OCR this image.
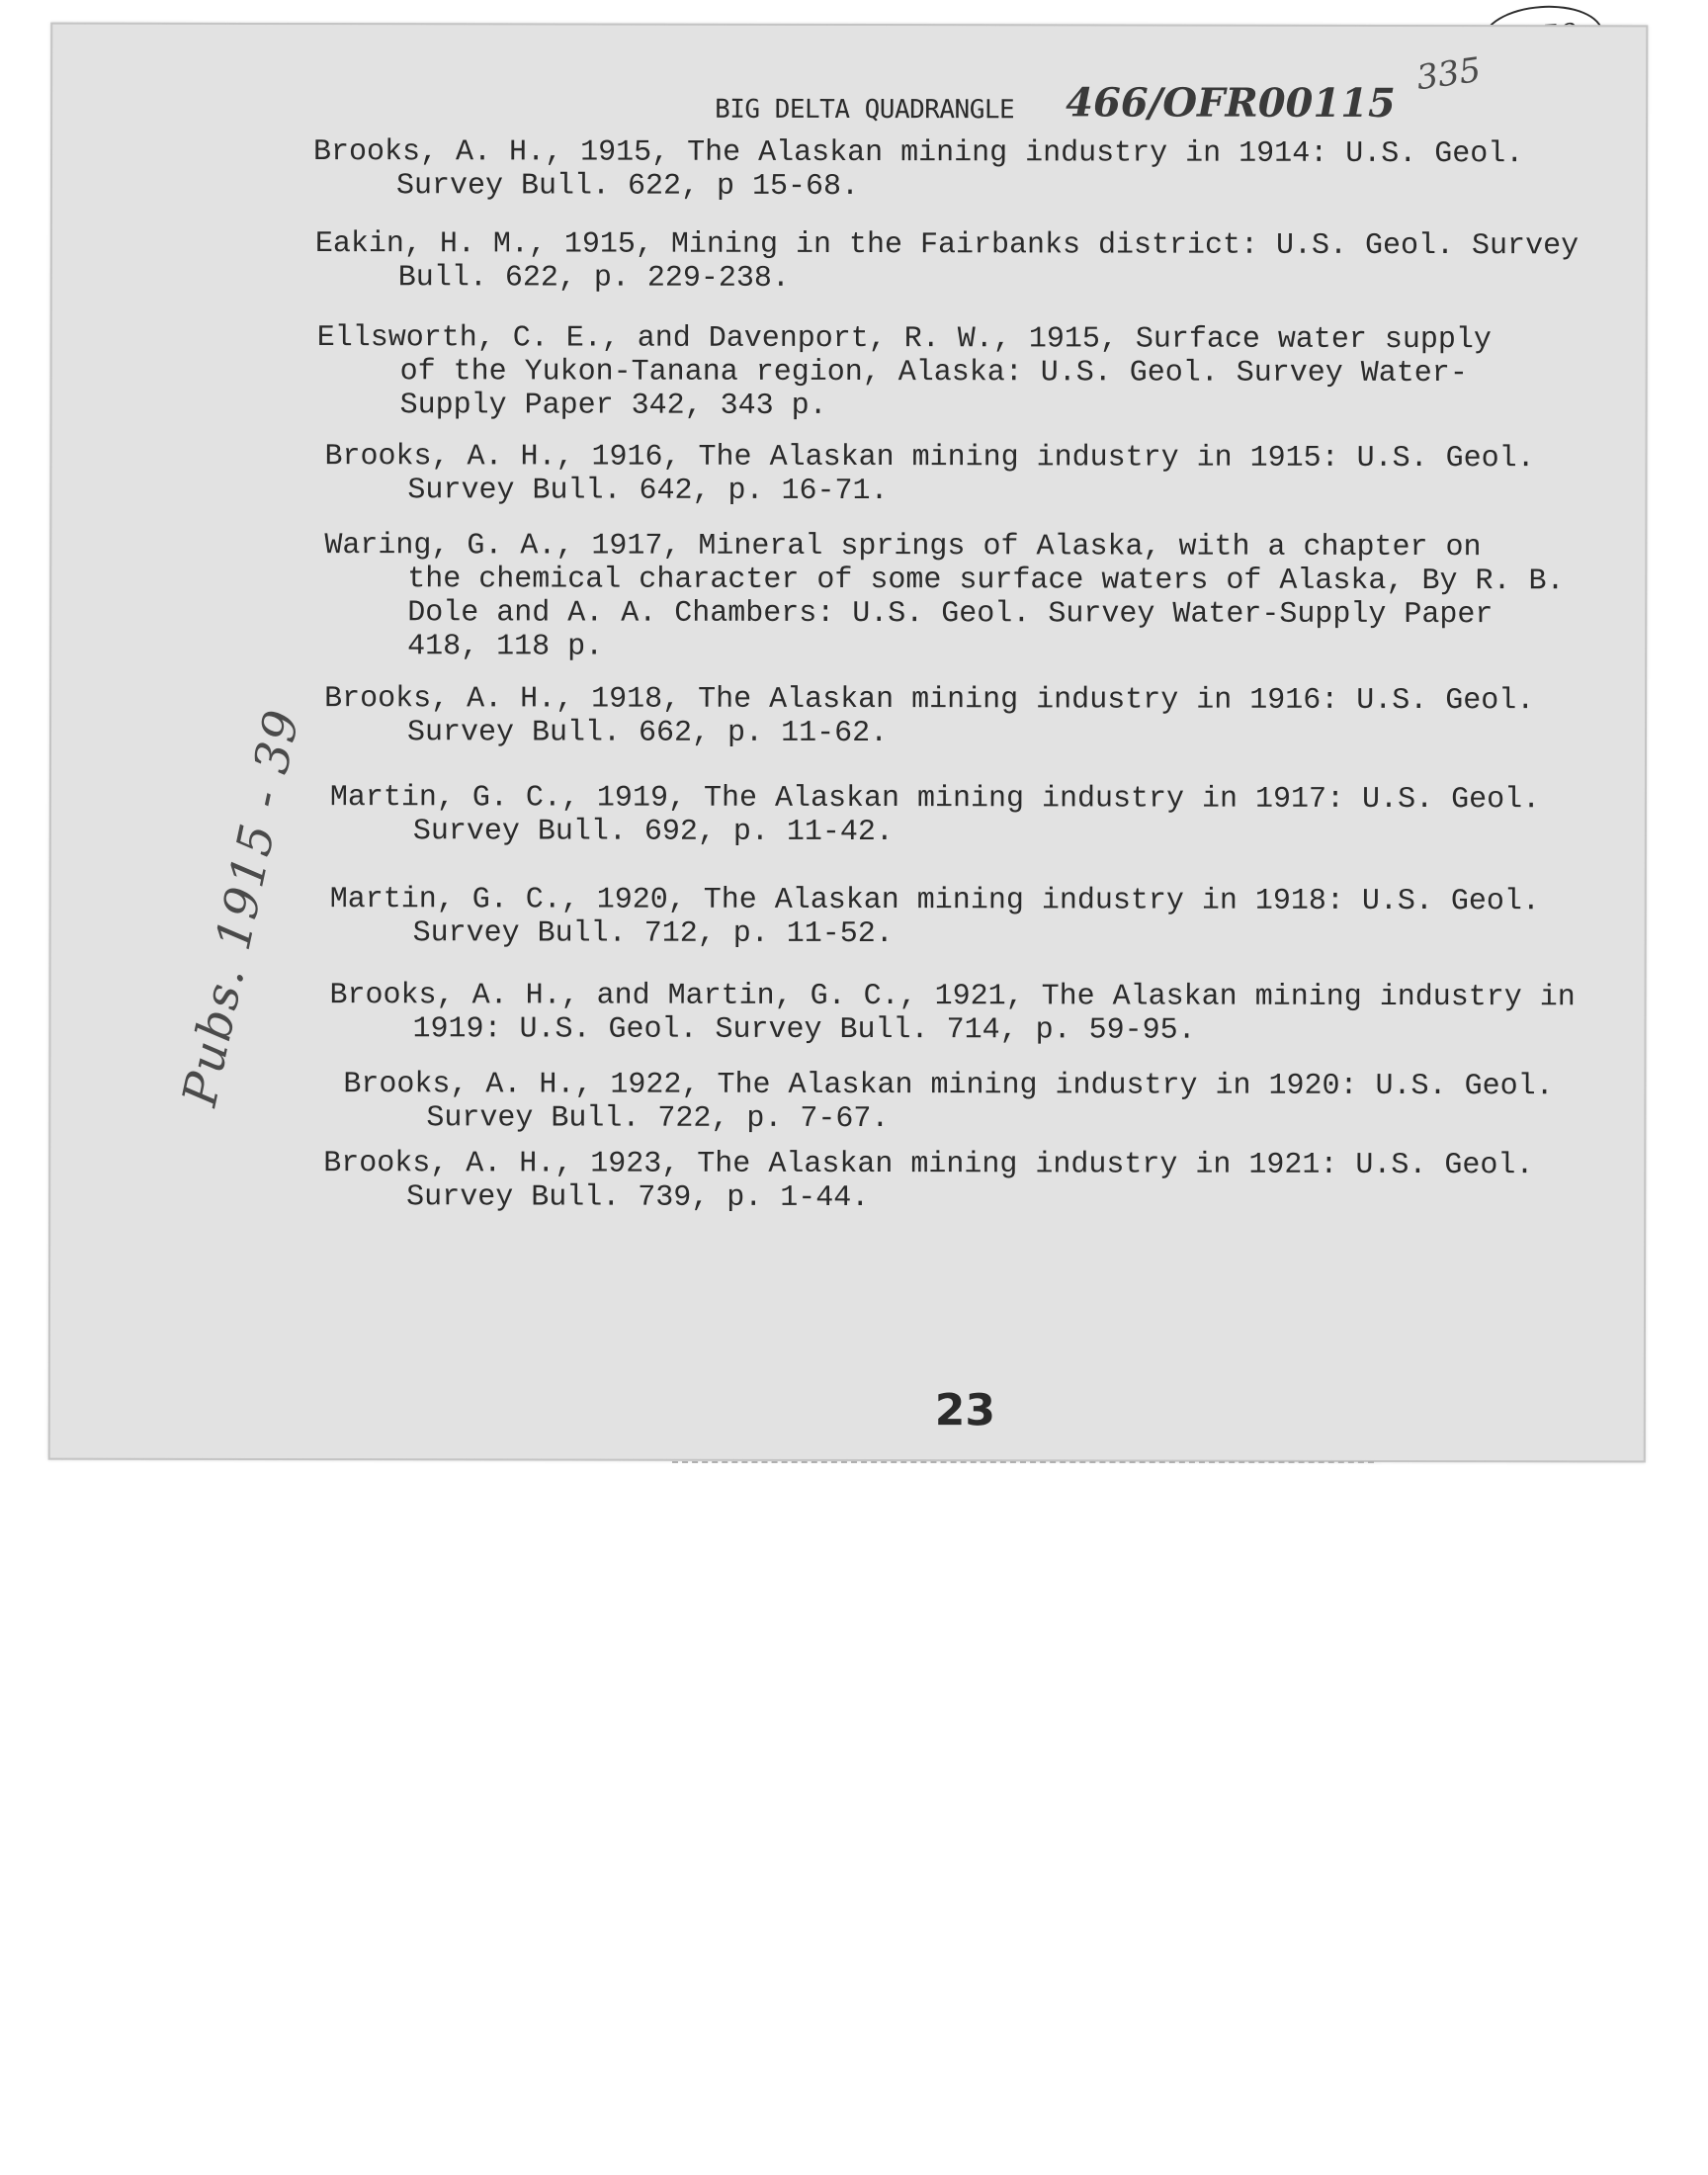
BIG DELTA QUADRANGLE 466/OFR00115
335
Pubs. 1915 - 39
Brooks, A. H., 1915, The Alaskan mining industry in 1914: U.S. Geol.
Survey Bull. 622, p 15-68.
Eakin, H. M., 1915, Mining in the Fairbanks district: U.S. Geol. Survey
Bull. 622, p. 229-238.
Ellsworth, C. E., and Davenport, R. W., 1915, Surface water supply
of the Yukon-Tanana region, Alaska: U.S. Geol. Survey Water-
Supply Paper 342, 343 p.
Brooks, A. H., 1916, The Alaskan mining industry in 1915: U.S. Geol.
Survey Bull. 642, p. 16-71.
Waring, G. A., 1917, Mineral springs of Alaska, with a chapter on
the chemical character of some surface waters of Alaska, By R. B.
Dole and A. A. Chambers: U.S. Geol. Survey Water-Supply Paper
418, 118 p.
Brooks, A. H., 1918, The Alaskan mining industry in 1916: U.S. Geol.
Survey Bull. 662, p. 11-62.
Martin, G. C., 1919, The Alaskan mining industry in 1917: U.S. Geol.
Survey Bull. 692, p. 11-42.
Martin, G. C., 1920, The Alaskan mining industry in 1918: U.S. Geol.
Survey Bull. 712, p. 11-52.
Brooks, A. H., and Martin, G. C., 1921, The Alaskan mining industry in
1919: U.S. Geol. Survey Bull. 714, p. 59-95.
Brooks, A. H., 1922, The Alaskan mining industry in 1920: U.S. Geol.
Survey Bull. 722, p. 7-67.
Brooks, A. H., 1923, The Alaskan mining industry in 1921: U.S. Geol.
Survey Bull. 739, p. 1-44.
23
